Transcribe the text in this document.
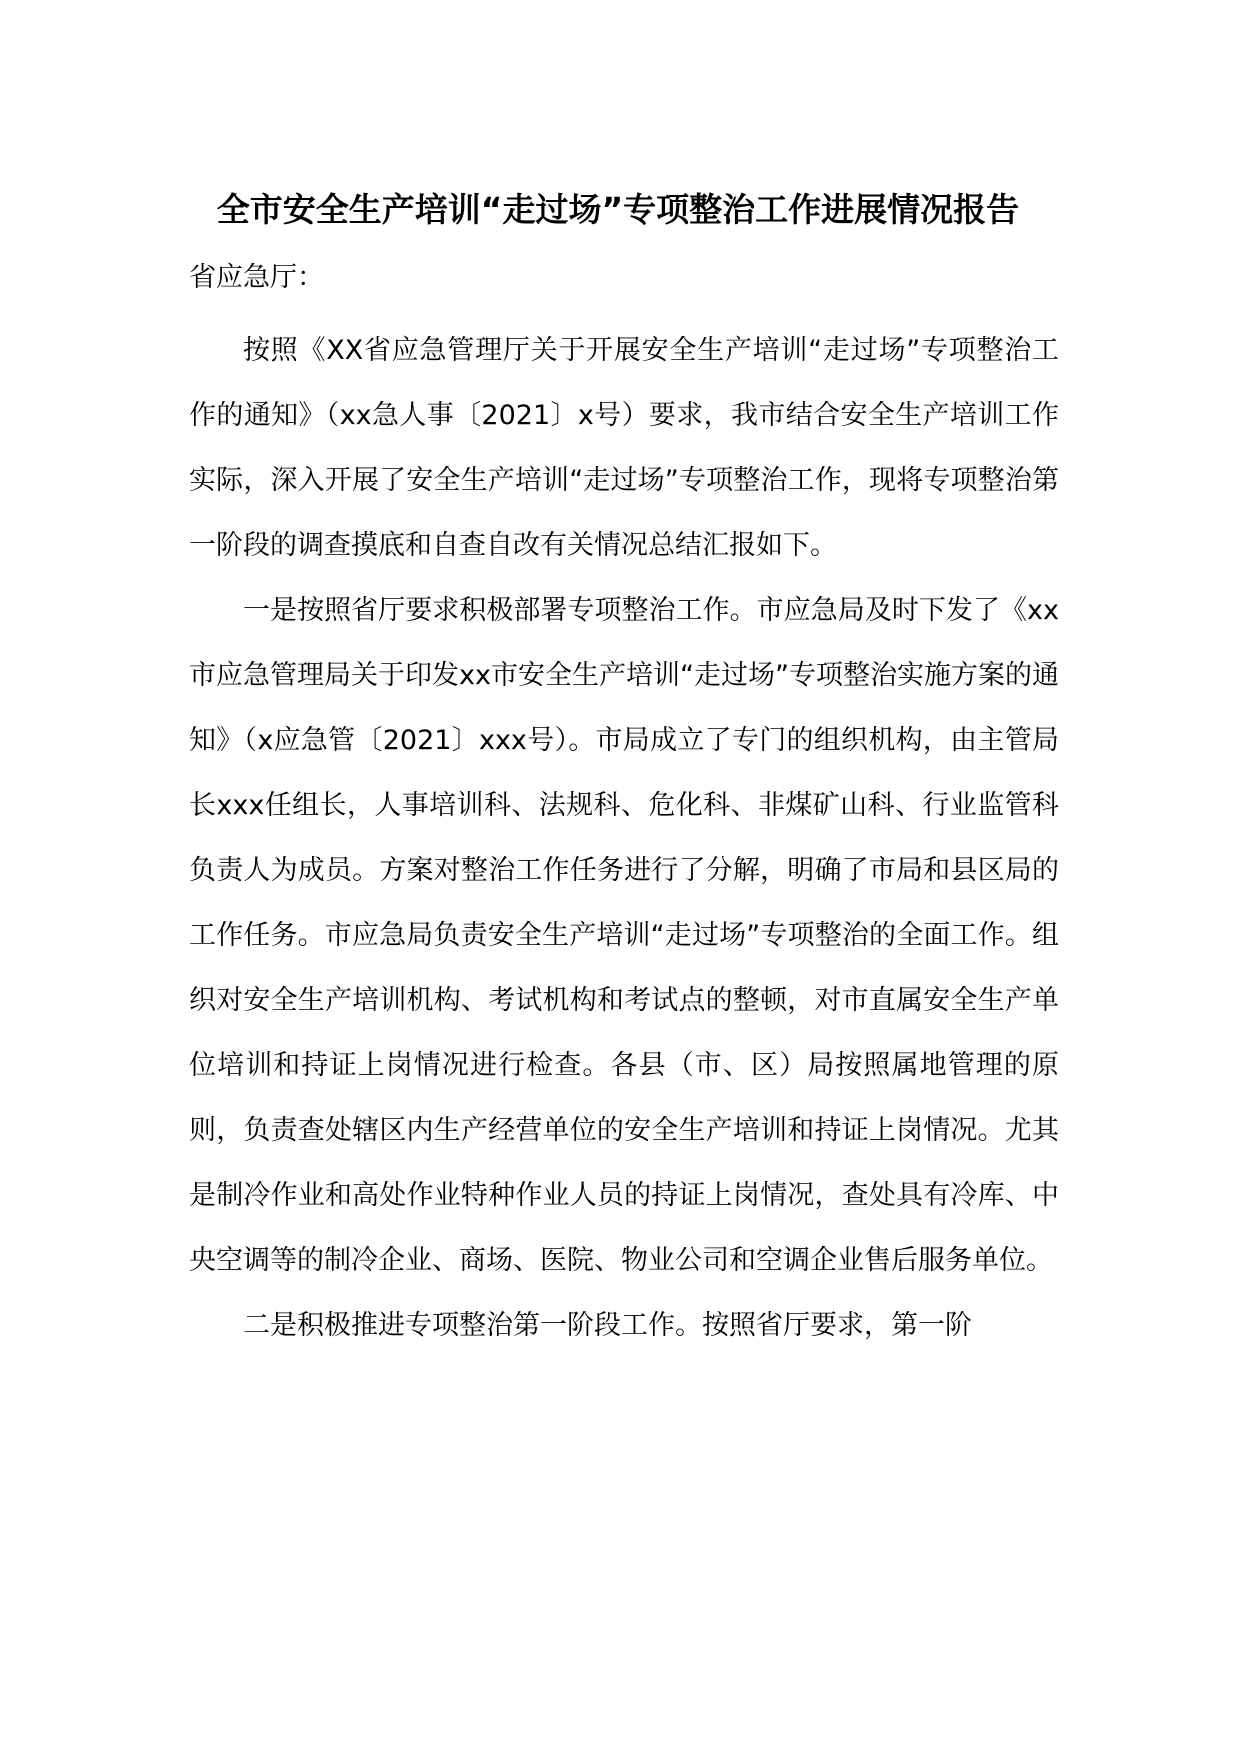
全市安全生产培训“走过场”专项整治工作进展情况报告
省应急厅：

按照《XX省应急管理厅关于开展安全生产培训“走过场”专项整治工作的通知》（xx急人事〔2021〕x号）要求，我市结合安全生产培训工作实际，深入开展了安全生产培训“走过场”专项整治工作，现将专项整治第一阶段的调查摸底和自查自改有关情况总结汇报如下。

一是按照省厅要求积极部署专项整治工作。市应急局及时下发了《xx市应急管理局关于印发xx市安全生产培训“走过场”专项整治实施方案的通知》（x应急管〔2021〕xxx号）。市局成立了专门的组织机构，由主管局长xxx任组长，人事培训科、法规科、危化科、非煤矿山科、行业监管科负责人为成员。方案对整治工作任务进行了分解，明确了市局和县区局的工作任务。市应急局负责安全生产培训“走过场”专项整治的全面工作。组织对安全生产培训机构、考试机构和考试点的整顿，对市直属安全生产单位培训和持证上岗情况进行检查。各县（市、区）局按照属地管理的原则，负责查处辖区内生产经营单位的安全生产培训和持证上岗情况。尤其是制冷作业和高处作业特种作业人员的持证上岗情况，查处具有冷库、中央空调等的制冷企业、商场、医院、物业公司和空调企业售后服务单位。

二是积极推进专项整治第一阶段工作。按照省厅要求，第一阶
